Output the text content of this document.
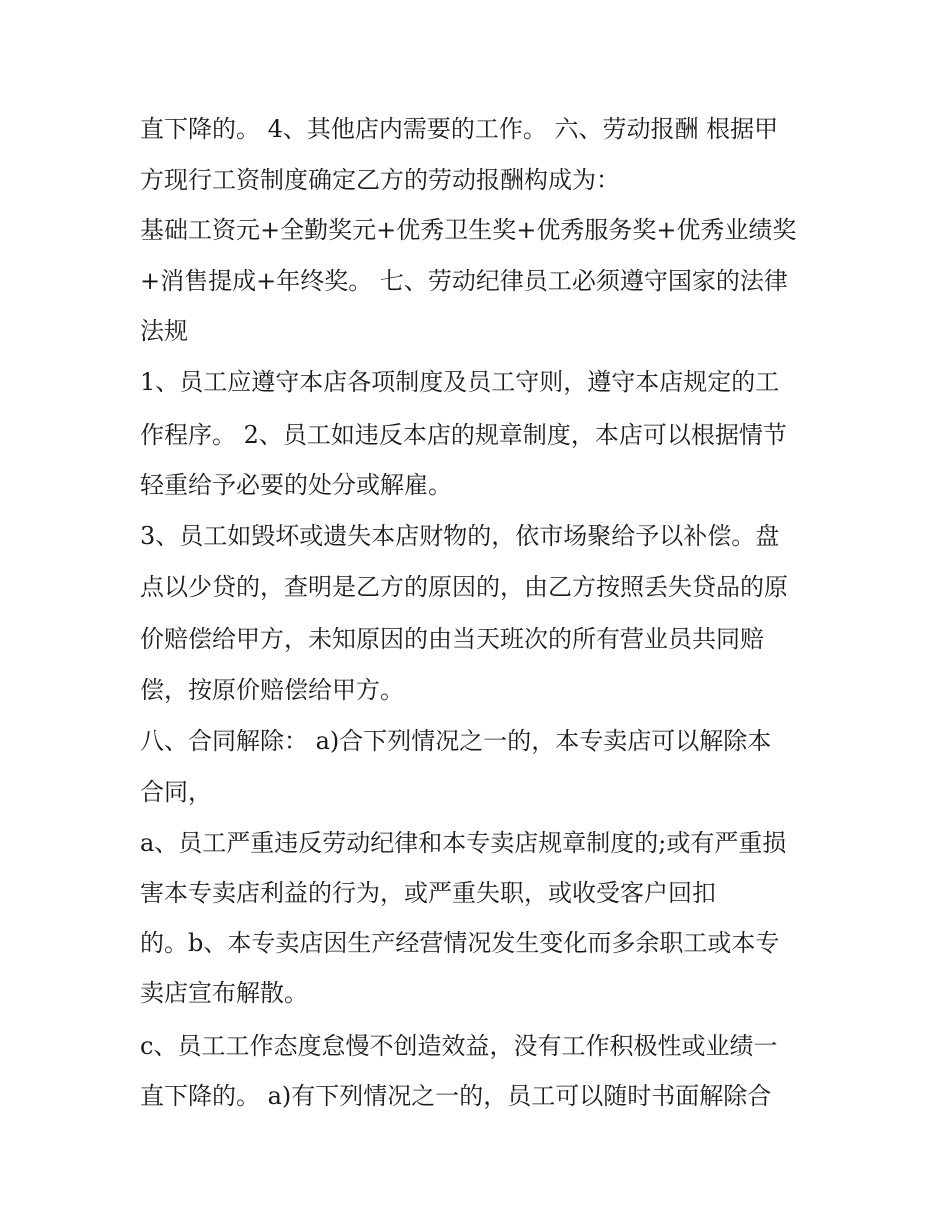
直下降的。 4、其他店内需要的工作。 六、劳动报酬 根据甲
方现行工资制度确定乙方的劳动报酬构成为：
基础工资元+全勤奖元+优秀卫生奖+优秀服务奖+优秀业绩奖
+消售提成+年终奖。 七、劳动纪律员工必须遵守国家的法律
法规
1、员工应遵守本店各项制度及员工守则，遵守本店规定的工
作程序。 2、员工如违反本店的规章制度，本店可以根据情节
轻重给予必要的处分或解雇。
3、员工如毁坏或遗失本店财物的，依市场聚给予以补偿。盘
点以少贷的，查明是乙方的原因的，由乙方按照丢失贷品的原
价赔偿给甲方，未知原因的由当天班次的所有营业员共同赔
偿，按原价赔偿给甲方。
八、合同解除： a)合下列情况之一的，本专卖店可以解除本
合同，
a、员工严重违反劳动纪律和本专卖店规章制度的;或有严重损
害本专卖店利益的行为，或严重失职，或收受客户回扣
的。b、本专卖店因生产经营情况发生变化而多余职工或本专
卖店宣布解散。
c、员工工作态度怠慢不创造效益，没有工作积极性或业绩一
直下降的。 a)有下列情况之一的，员工可以随时书面解除合
